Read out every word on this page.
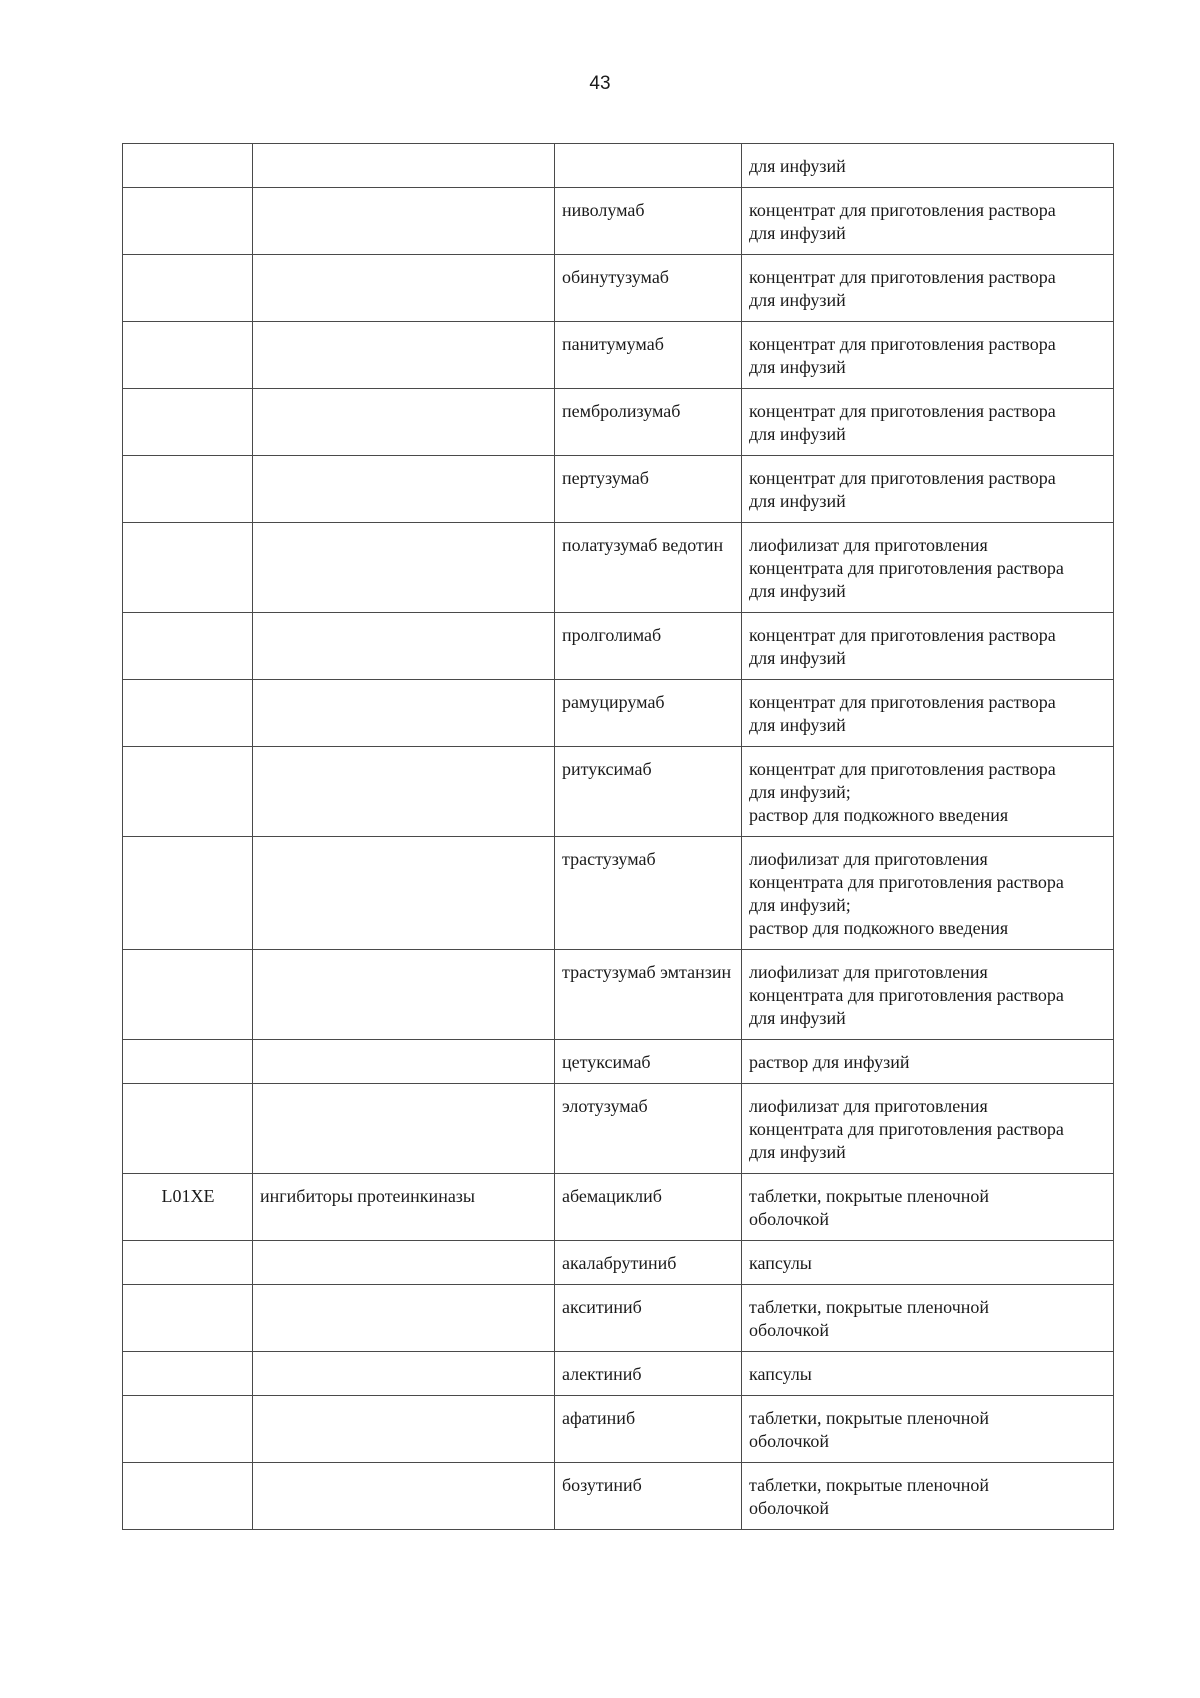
43

			для инфузий

		ниволумаб	концентрат для приготовления раствора
для инфузий

		обинутузумаб	концентрат для приготовления раствора
для инфузий

		панитумумаб	концентрат для приготовления раствора
для инфузий

		пембролизумаб	концентрат для приготовления раствора
для инфузий

		пертузумаб	концентрат для приготовления раствора
для инфузий

		полатузумаб ведотин	лиофилизат для приготовления
концентрата для приготовления раствора
для инфузий

		пролголимаб	концентрат для приготовления раствора
для инфузий

		рамуцирумаб	концентрат для приготовления раствора
для инфузий

		ритуксимаб	концентрат для приготовления раствора
для инфузий;
раствор для подкожного введения

		трастузумаб	лиофилизат для приготовления
концентрата для приготовления раствора
для инфузий;
раствор для подкожного введения

		трастузумаб эмтанзин	лиофилизат для приготовления
концентрата для приготовления раствора
для инфузий

		цетуксимаб	раствор для инфузий

		элотузумаб	лиофилизат для приготовления
концентрата для приготовления раствора
для инфузий

L01XE	ингибиторы протеинкиназы	абемациклиб	таблетки, покрытые пленочной
оболочкой

		акалабрутиниб	капсулы

		акситиниб	таблетки, покрытые пленочной
оболочкой

		алектиниб	капсулы

		афатиниб	таблетки, покрытые пленочной
оболочкой

		бозутиниб	таблетки, покрытые пленочной
оболочкой
